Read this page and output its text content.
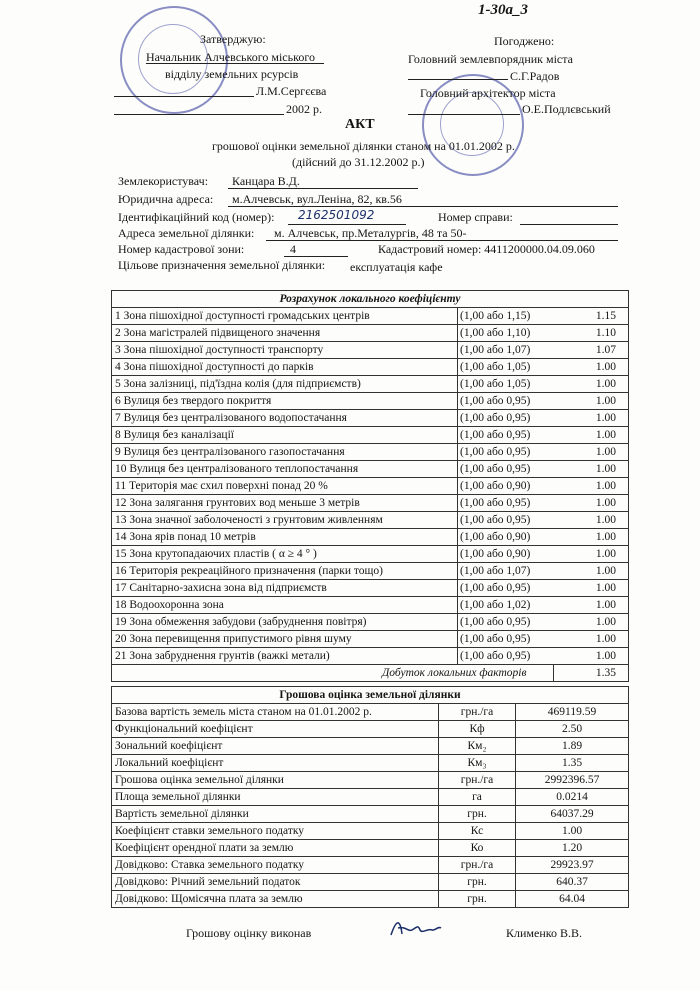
1-30а_3
Затверджую:
Начальник Алчевського міського
відділу земельних рсурсів
Л.М.Сергєєва
2002 р.
Погоджено:
Головний землевпорядник міста
С.Г.Радов
Головний архітектор міста
О.Е.Подлєвський
АКТ
грошової оцінки земельної ділянки станом на 01.01.2002 р.
(дійсний до 31.12.2002 р.)
Землекористувач: Канцара В.Д.
Юридична адреса: м.Алчевськ, вул.Леніна, 82, кв.56
Ідентифікаційний код (номер): 2162501092	Номер справи:
Адреса земельної ділянки: м. Алчевськ, пр.Металургів, 48 та 50-
Номер кадастрової зони:	4	Кадастровий номер: 4411200000.04.09.060
Цільове призначення земельної ділянки: експлуатація кафе
Розрахунок локального коефіцієнту		
1 Зона пішохідної доступності громадських центрів	(1,00 або 1,15)	1.15
2 Зона магістралей підвищеного значення	(1,00 або 1,10)	1.10
3 Зона пішохідної доступності транспорту	(1,00 або 1,07)	1.07
4 Зона пішохідної доступності до парків	(1,00 або 1,05)	1.00
5 Зона залізниці, під'їздна колія (для підприємств)	(1,00 або 1,05)	1.00
6 Вулиця без твердого покриття	(1,00 або 0,95)	1.00
7 Вулиця без централізованого водопостачання	(1,00 або 0,95)	1.00
8 Вулиця без каналізації	(1,00 або 0,95)	1.00
9 Вулиця без централізованого газопостачання	(1,00 або 0,95)	1.00
10 Вулиця без централізованого теплопостачання	(1,00 або 0,95)	1.00
11 Територія має схил поверхні понад 20 %	(1,00 або 0,90)	1.00
12 Зона залягання грунтових вод меньше 3 метрів	(1,00 або 0,95)	1.00
13 Зона значної заболоченості з грунтовим живленням	(1,00 або 0,95)	1.00
14 Зона ярів понад 10 метрів	(1,00 або 0,90)	1.00
15 Зона крутопадаючих пластів ( α ≥ 4 ° )	(1,00 або 0,90)	1.00
16 Територія рекреаційного призначення (парки тощо)	(1,00 або 1,07)	1.00
17 Санітарно-захисна зона від підприємств	(1,00 або 0,95)	1.00
18 Водоохоронна зона	(1,00 або 1,02)	1.00
19 Зона обмеження забудови (забруднення повітря)	(1,00 або 0,95)	1.00
20 Зона перевищення припустимого рівня шуму	(1,00 або 0,95)	1.00
21 Зона забруднення грунтів (важкі метали)	(1,00 або 0,95)	1.00
Добуток локальних факторів		1.35
Грошова оцінка земельної ділянки		
Базова вартість земель міста станом на 01.01.2002 р.	грн./га	469119.59
Функціональний коефіцієнт	Кф	2.50
Зональний коефіцієнт	Км₂	1.89
Локальний коефіцієнт	Км₃	1.35
Грошова оцінка земельної ділянки	грн./га	2992396.57
Площа земельної ділянки	га	0.0214
Вартість земельної ділянки	грн.	64037.29
Коефіцієнт ставки земельного податку	Кс	1.00
Коефіцієнт орендної плати за землю	Ко	1.20
Довідково: Ставка земельного податку	грн./га	29923.97
Довідково: Річний земельний податок	грн.	640.37
Довідково: Щомісячна плата за землю	грн.	64.04
Грошову оцінку виконав	Клименко В.В.
